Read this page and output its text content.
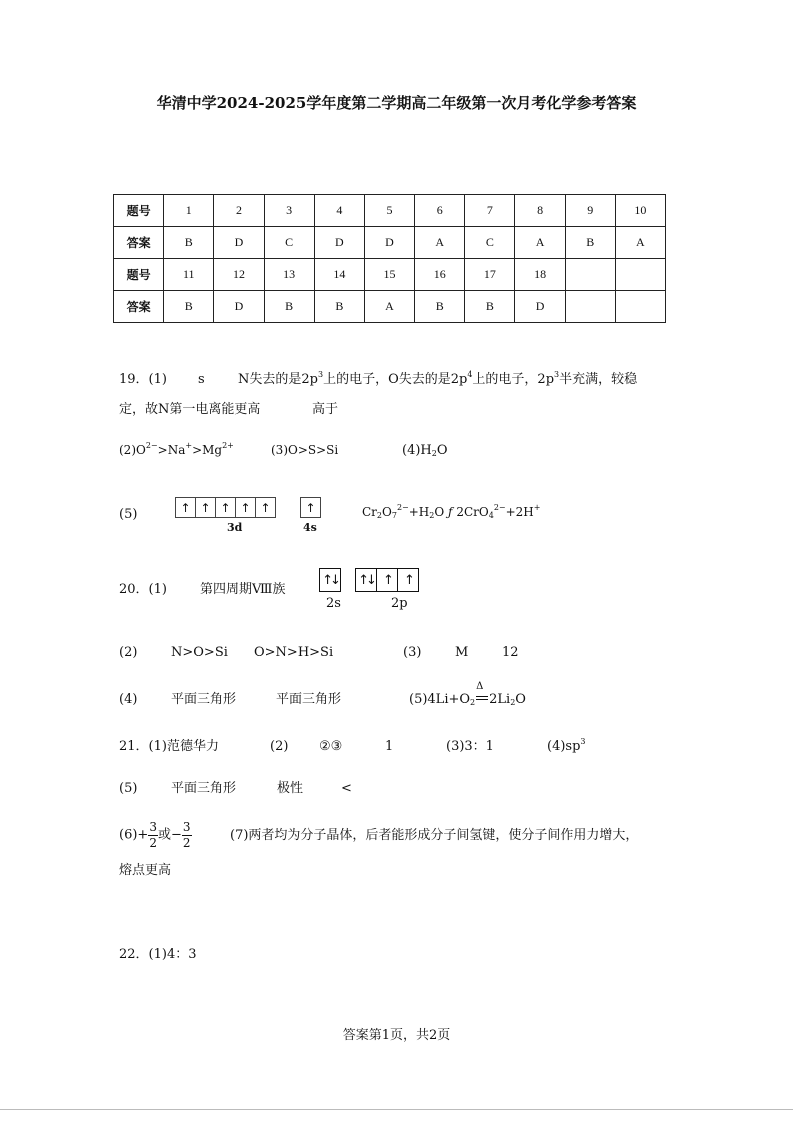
华清中学2024-2025学年度第二学期高二年级第一次月考化学参考答案
题号	1	2	3	4	5	6	7	8	9	10
答案	B	D	C	D	D	A	C	A	B	A
题号	11	12	13	14	15	16	17	18		
答案	B	D	B	B	A	B	B	D		
19．(1) s	N失去的是$2p^3$上的电子，O失去的是$2p^4$上的电子，$2p^3$半充满，较稳
定，故N第一电离能更高	高于
$(2)O^{2-}>Na^+>Mg^{2+}$	(3)O>S>Si	$(4)H_2O$
(5)	↑ ↑ ↑ ↑ ↑	↑
3d	4s
$Cr_2O_7^{2-}+H_2O$ ƒ 2CrO$_4^{2-}$+2H+
20．(1)	第四周期Ⅷ族
↑↓ ↑↓ ↑	↑
2s	2p
(2)	N>O>Si O>N>H>Si	(3)	M	12
(4)	平面三角形	平面三角形	$(5)4Li+O_2$
Δ
$2Li_2O$
21．(1)范德华力	(2) ②③	1	(3)3：1	$(4)sp^3$
(5)	平面三角形	极性	<
$(6)+ \frac{3}{2}$ 或− $\frac{3}{2}$	(7)两者均为分子晶体，后者能形成分子间氢键，使分子间作用力增大，
熔点更高
22．(1)4：3
答案第1页，共2页
